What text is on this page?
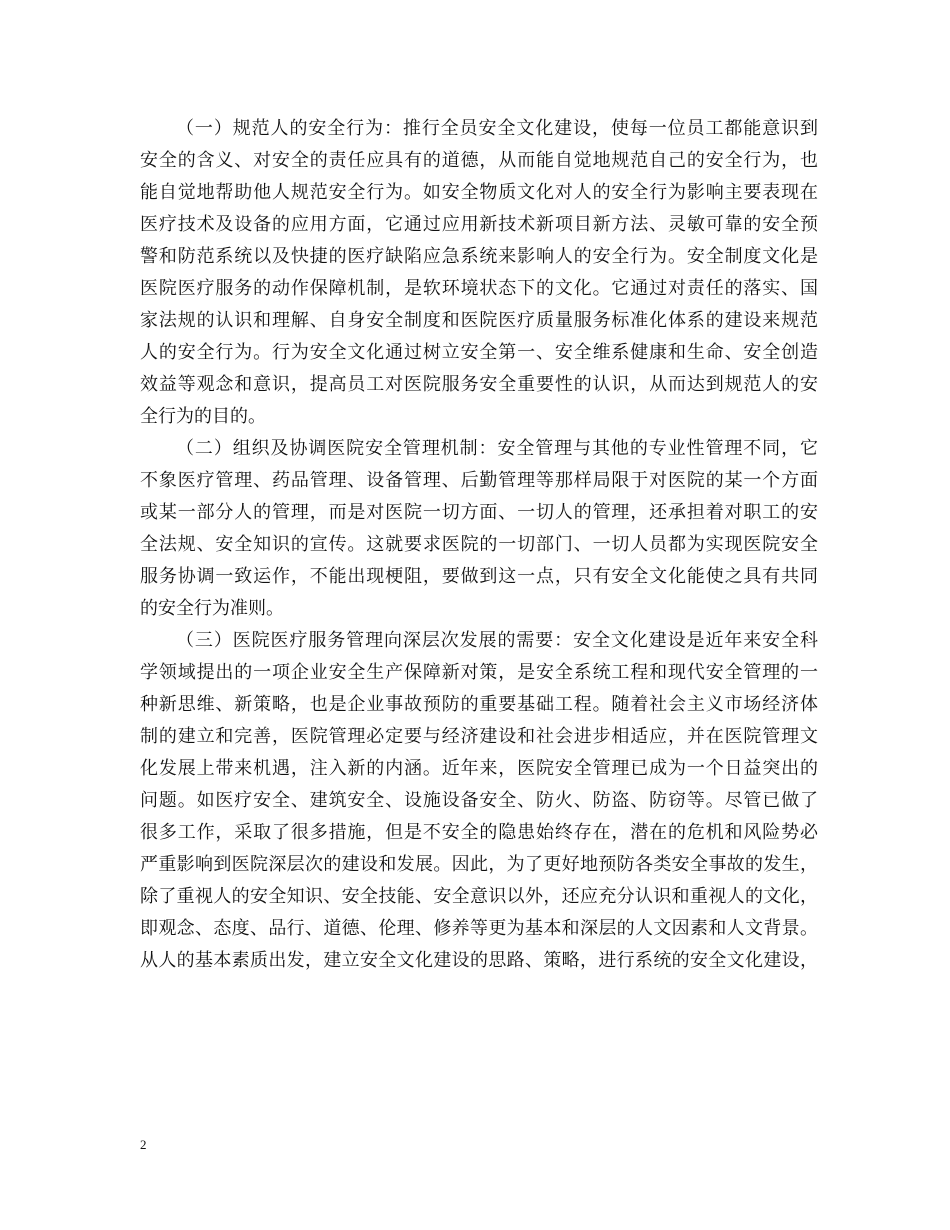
（一）规范人的安全行为：推行全员安全文化建设，使每一位员工都能意识到
安全的含义、对安全的责任应具有的道德，从而能自觉地规范自己的安全行为，也
能自觉地帮助他人规范安全行为。如安全物质文化对人的安全行为影响主要表现在
医疗技术及设备的应用方面，它通过应用新技术新项目新方法、灵敏可靠的安全预
警和防范系统以及快捷的医疗缺陷应急系统来影响人的安全行为。安全制度文化是
医院医疗服务的动作保障机制，是软环境状态下的文化。它通过对责任的落实、国
家法规的认识和理解、自身安全制度和医院医疗质量服务标准化体系的建设来规范
人的安全行为。行为安全文化通过树立安全第一、安全维系健康和生命、安全创造
效益等观念和意识，提高员工对医院服务安全重要性的认识，从而达到规范人的安
全行为的目的。
（二）组织及协调医院安全管理机制：安全管理与其他的专业性管理不同，它
不象医疗管理、药品管理、设备管理、后勤管理等那样局限于对医院的某一个方面
或某一部分人的管理，而是对医院一切方面、一切人的管理，还承担着对职工的安
全法规、安全知识的宣传。这就要求医院的一切部门、一切人员都为实现医院安全
服务协调一致运作，不能出现梗阻，要做到这一点，只有安全文化能使之具有共同
的安全行为准则。
（三）医院医疗服务管理向深层次发展的需要：安全文化建设是近年来安全科
学领域提出的一项企业安全生产保障新对策，是安全系统工程和现代安全管理的一
种新思维、新策略，也是企业事故预防的重要基础工程。随着社会主义市场经济体
制的建立和完善，医院管理必定要与经济建设和社会进步相适应，并在医院管理文
化发展上带来机遇，注入新的内涵。近年来，医院安全管理已成为一个日益突出的
问题。如医疗安全、建筑安全、设施设备安全、防火、防盗、防窃等。尽管已做了
很多工作，采取了很多措施，但是不安全的隐患始终存在，潜在的危机和风险势必
严重影响到医院深层次的建设和发展。因此，为了更好地预防各类安全事故的发生，
除了重视人的安全知识、安全技能、安全意识以外，还应充分认识和重视人的文化，
即观念、态度、品行、道德、伦理、修养等更为基本和深层的人文因素和人文背景。
从人的基本素质出发，建立安全文化建设的思路、策略，进行系统的安全文化建设，
2
